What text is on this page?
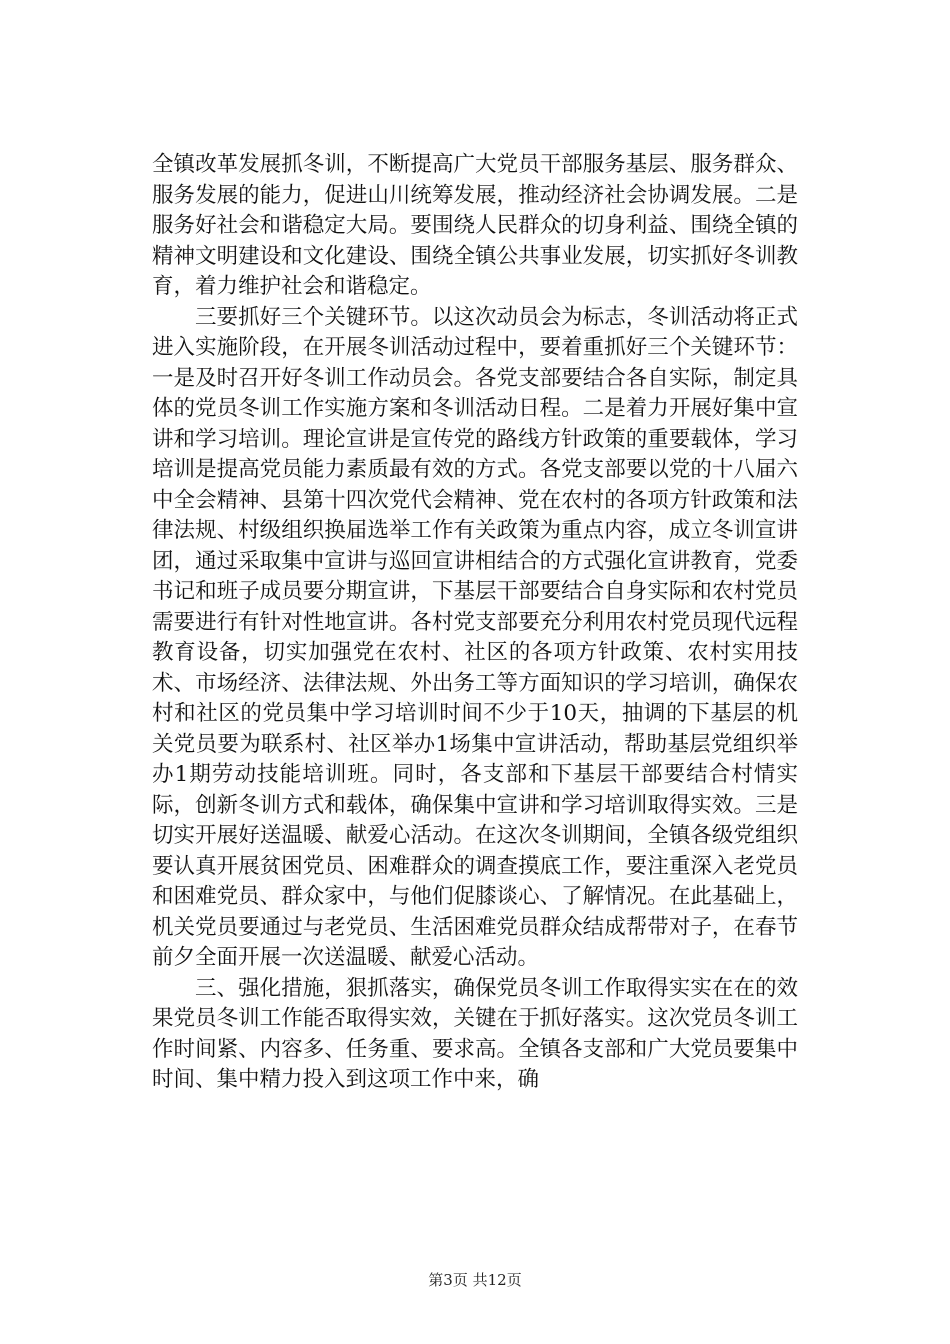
全镇改革发展抓冬训，不断提高广大党员干部服务基层、服务群众、服务发展的能力，促进山川统筹发展，推动经济社会协调发展。二是服务好社会和谐稳定大局。要围绕人民群众的切身利益、围绕全镇的精神文明建设和文化建设、围绕全镇公共事业发展，切实抓好冬训教育，着力维护社会和谐稳定。

三要抓好三个关键环节。以这次动员会为标志，冬训活动将正式进入实施阶段，在开展冬训活动过程中，要着重抓好三个关键环节：一是及时召开好冬训工作动员会。各党支部要结合各自实际，制定具体的党员冬训工作实施方案和冬训活动日程。二是着力开展好集中宣讲和学习培训。理论宣讲是宣传党的路线方针政策的重要载体，学习培训是提高党员能力素质最有效的方式。各党支部要以党的十八届六中全会精神、县第十四次党代会精神、党在农村的各项方针政策和法律法规、村级组织换届选举工作有关政策为重点内容，成立冬训宣讲团，通过采取集中宣讲与巡回宣讲相结合的方式强化宣讲教育，党委书记和班子成员要分期宣讲，下基层干部要结合自身实际和农村党员需要进行有针对性地宣讲。各村党支部要充分利用农村党员现代远程教育设备，切实加强党在农村、社区的各项方针政策、农村实用技术、市场经济、法律法规、外出务工等方面知识的学习培训，确保农村和社区的党员集中学习培训时间不少于10天，抽调的下基层的机关党员要为联系村、社区举办1场集中宣讲活动，帮助基层党组织举办1期劳动技能培训班。同时，各支部和下基层干部要结合村情实际，创新冬训方式和载体，确保集中宣讲和学习培训取得实效。三是切实开展好送温暖、献爱心活动。在这次冬训期间，全镇各级党组织要认真开展贫困党员、困难群众的调查摸底工作，要注重深入老党员和困难党员、群众家中，与他们促膝谈心、了解情况。在此基础上，机关党员要通过与老党员、生活困难党员群众结成帮带对子，在春节前夕全面开展一次送温暖、献爱心活动。

三、强化措施，狠抓落实，确保党员冬训工作取得实实在在的效果党员冬训工作能否取得实效，关键在于抓好落实。这次党员冬训工作时间紧、内容多、任务重、要求高。全镇各支部和广大党员要集中时间、集中精力投入到这项工作中来，确

第3页 共12页
